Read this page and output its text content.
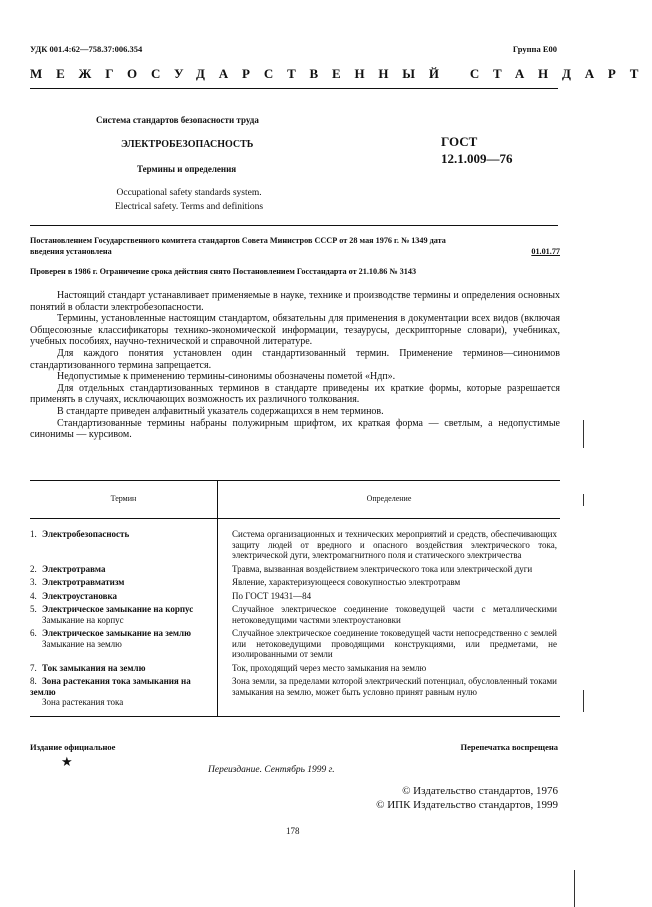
УДК 001.4:62—758.37:006.354	Группа Е00
МЕЖГОСУДАРСТВЕННЫЙ СТАНДАРТ
Система стандартов безопасности труда
ЭЛЕКТРОБЕЗОПАСНОСТЬ
Термины и определения
Occupational safety standards system.
Electrical safety. Terms and definitions
ГОСТ
12.1.009—76
Постановлением Государственного комитета стандартов Совета Министров СССР от 28 мая 1976 г. № 1349 дата
введения установлена	01.01.77
Проверен в 1986 г. Ограничение срока действия снято Постановлением Госстандарта от 21.10.86 № 3143

Настоящий стандарт устанавливает применяемые в науке, технике и производстве термины и определения основных понятий в области электробезопасности.

Термины, установленные настоящим стандартом, обязательны для применения в документации всех видов (включая Общесоюзные классификаторы технико-экономической информации, тезаурусы, дескрипторные словари), учебниках, учебных пособиях, научно-технической и справочной литературе.

Для каждого понятия установлен один стандартизованный термин. Применение терминов—синонимов стандартизованного термина запрещается.

Недопустимые к применению термины-синонимы обозначены пометой «Ндп».

Для отдельных стандартизованных терминов в стандарте приведены их краткие формы, которые разрешается применять в случаях, исключающих возможность их различного толкования.

В стандарте приведен алфавитный указатель содержащихся в нем терминов.

Стандартизованные термины набраны полужирным шрифтом, их краткая форма — светлым, а недопустимые синонимы — курсивом.

Термин	Определение
1. Электробезопасность	Система организационных и технических мероприятий и средств, обеспечивающих защиту людей от вредного и опасного воздействия электрического тока, электрической дуги, электромагнитного поля и статического электричества
2. Электротравма	Травма, вызванная воздействием электрического тока или электрической дуги
3. Электротравматизм	Явление, характеризующееся совокупностью электротравм
4. Электроустановка	По ГОСТ 19431—84
5. Электрическое замыкание на корпус
Замыкание на корпус	Случайное электрическое соединение токоведущей части с металлическими нетоковедущими частями электроустановки
6. Электрическое замыкание на землю
Замыкание на землю	Случайное электрическое соединение токоведущей части непосредственно с землей или нетоковедущими проводящими конструкциями, или предметами, не изолированными от земли
7. Ток замыкания на землю	Ток, проходящий через место замыкания на землю
8. Зона растекания тока замыкания на землю
Зона растекания тока	Зона земли, за пределами которой электрический потенциал, обусловленный токами замыкания на землю, может быть условно принят равным нулю
Издание официальное	Перепечатка воспрещена
★
Переиздание. Сентябрь 1999 г.
© Издательство стандартов, 1976
© ИПК Издательство стандартов, 1999
178
